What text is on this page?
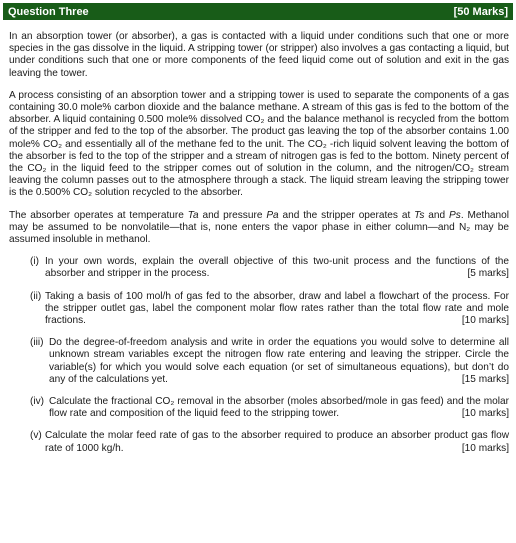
Question Three	[50 Marks]

In an absorption tower (or absorber), a gas is contacted with a liquid under conditions such that one or more species in the gas dissolve in the liquid. A stripping tower (or stripper) also involves a gas contacting a liquid, but under conditions such that one or more components of the feed liquid come out of solution and exit in the gas leaving the tower.

A process consisting of an absorption tower and a stripping tower is used to separate the components of a gas containing 30.0 mole% carbon dioxide and the balance methane. A stream of this gas is fed to the bottom of the absorber. A liquid containing 0.500 mole% dissolved CO₂ and the balance methanol is recycled from the bottom of the stripper and fed to the top of the absorber. The product gas leaving the top of the absorber contains 1.00 mole% CO₂ and essentially all of the methane fed to the unit. The CO₂ -rich liquid solvent leaving the bottom of the absorber is fed to the top of the stripper and a stream of nitrogen gas is fed to the bottom. Ninety percent of the CO₂ in the liquid feed to the stripper comes out of solution in the column, and the nitrogen/CO₂ stream leaving the column passes out to the atmosphere through a stack. The liquid stream leaving the stripping tower is the 0.500% CO₂ solution recycled to the absorber.

The absorber operates at temperature Ta and pressure Pa and the stripper operates at Ts and Ps. Methanol may be assumed to be nonvolatile—that is, none enters the vapor phase in either column—and N₂ may be assumed insoluble in methanol.

(i) In your own words, explain the overall objective of this two-unit process and the functions of the absorber and stripper in the process.	[5 marks]

(ii) Taking a basis of 100 mol/h of gas fed to the absorber, draw and label a flowchart of the process. For the stripper outlet gas, label the component molar flow rates rather than the total flow rate and mole fractions.	[10 marks]

(iii) Do the degree-of-freedom analysis and write in order the equations you would solve to determine all unknown stream variables except the nitrogen flow rate entering and leaving the stripper. Circle the variable(s) for which you would solve each equation (or set of simultaneous equations), but don’t do any of the calculations yet.	[15 marks]

(iv) Calculate the fractional CO₂ removal in the absorber (moles absorbed/mole in gas feed) and the molar flow rate and composition of the liquid feed to the stripping tower.	[10 marks]

(v) Calculate the molar feed rate of gas to the absorber required to produce an absorber product gas flow rate of 1000 kg/h.	[10 marks]
